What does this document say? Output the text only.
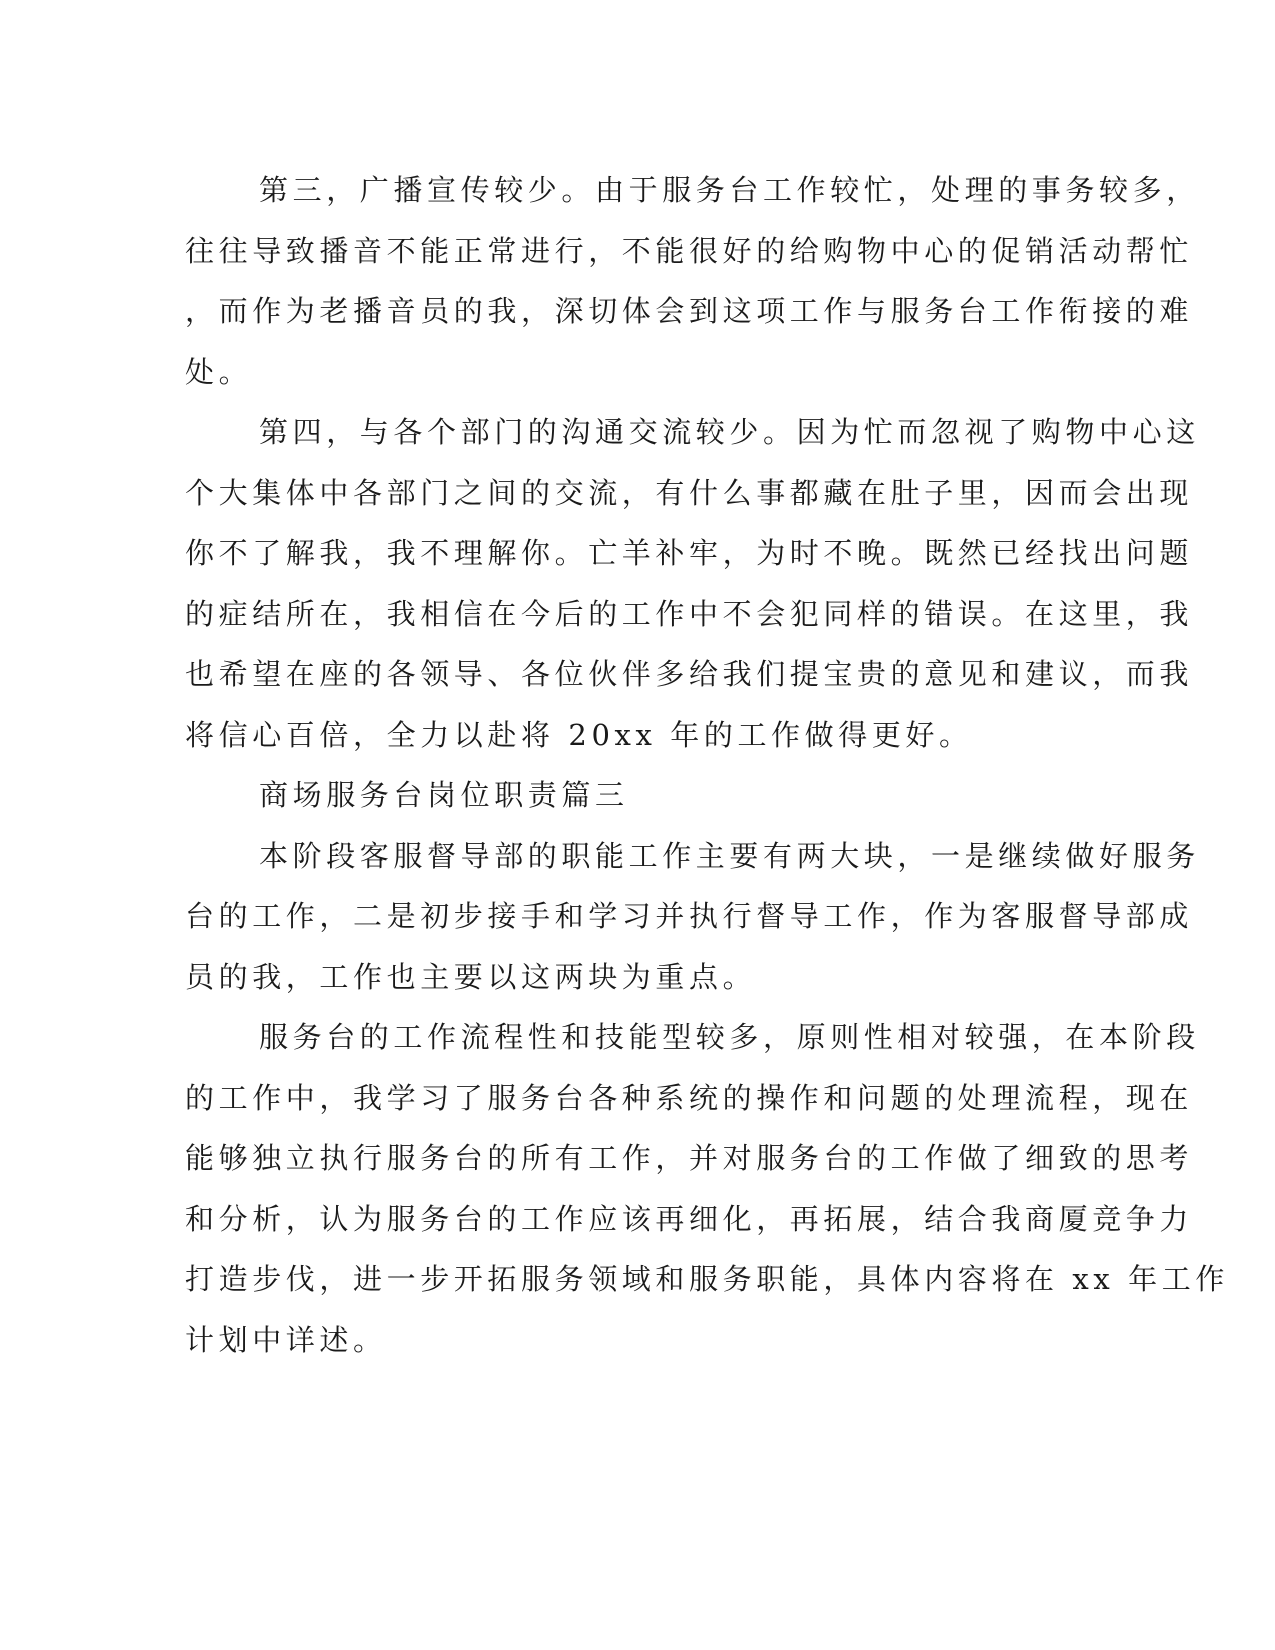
第三，广播宣传较少。由于服务台工作较忙，处理的事务较多，
往往导致播音不能正常进行，不能很好的给购物中心的促销活动帮忙
，而作为老播音员的我，深切体会到这项工作与服务台工作衔接的难
处。
第四，与各个部门的沟通交流较少。因为忙而忽视了购物中心这
个大集体中各部门之间的交流，有什么事都藏在肚子里，因而会出现
你不了解我，我不理解你。亡羊补牢，为时不晚。既然已经找出问题
的症结所在，我相信在今后的工作中不会犯同样的错误。在这里，我
也希望在座的各领导、各位伙伴多给我们提宝贵的意见和建议，而我
将信心百倍，全力以赴将 20xx 年的工作做得更好。
商场服务台岗位职责篇三
本阶段客服督导部的职能工作主要有两大块，一是继续做好服务
台的工作，二是初步接手和学习并执行督导工作，作为客服督导部成
员的我，工作也主要以这两块为重点。
服务台的工作流程性和技能型较多，原则性相对较强，在本阶段
的工作中，我学习了服务台各种系统的操作和问题的处理流程，现在
能够独立执行服务台的所有工作，并对服务台的工作做了细致的思考
和分析，认为服务台的工作应该再细化，再拓展，结合我商厦竞争力
打造步伐，进一步开拓服务领域和服务职能，具体内容将在 xx 年工作
计划中详述。
